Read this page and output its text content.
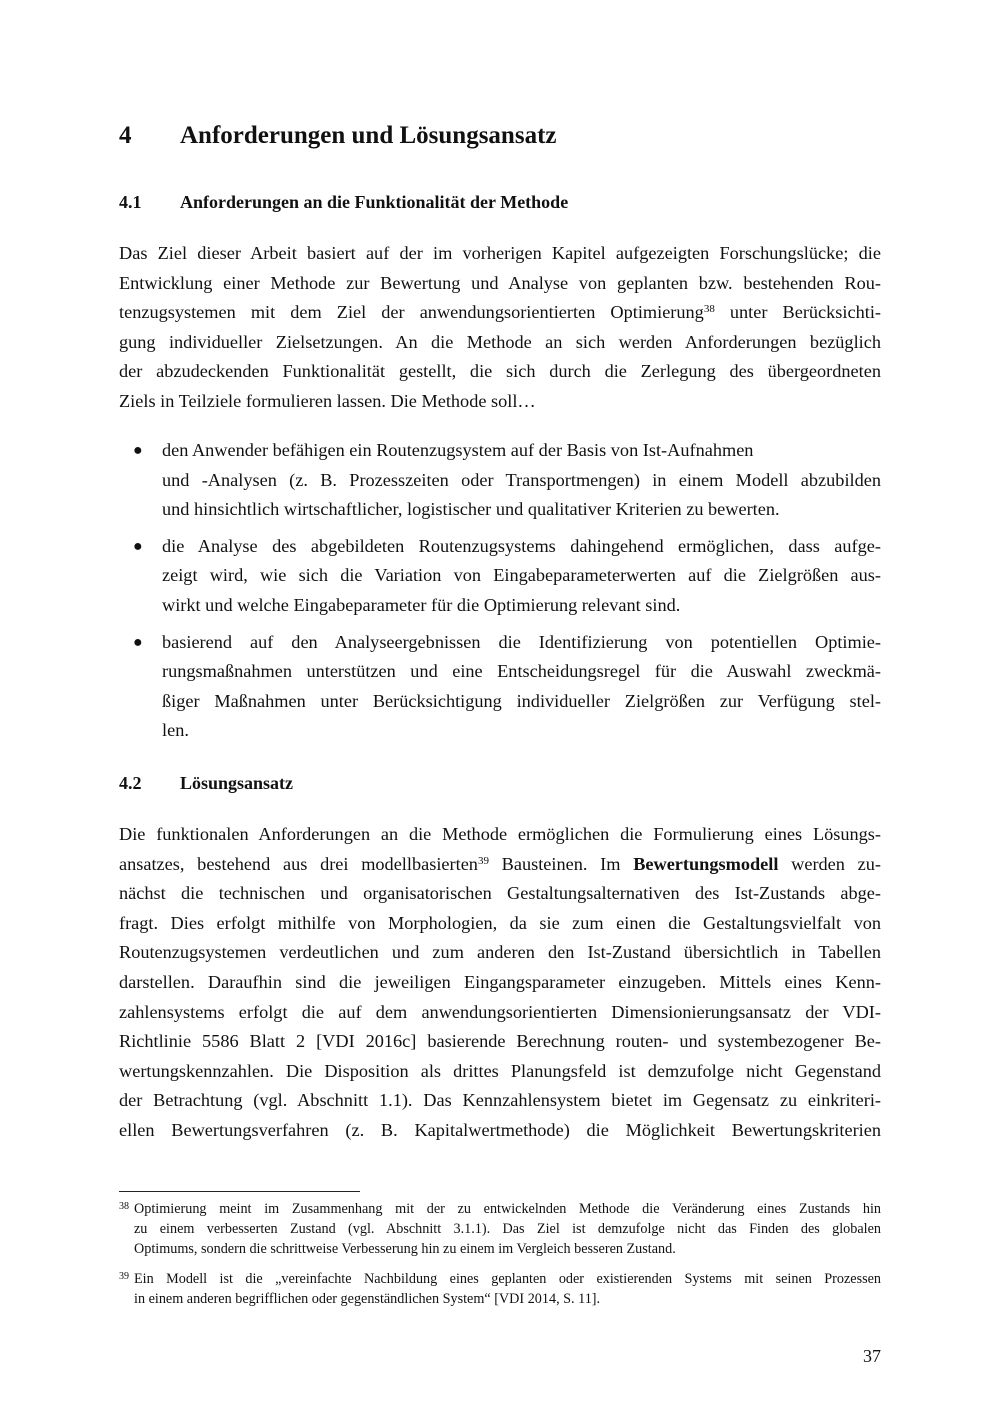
4 Anforderungen und Lösungsansatz
4.1 Anforderungen an die Funktionalität der Methode

Das Ziel dieser Arbeit basiert auf der im vorherigen Kapitel aufgezeigten Forschungslücke; die
Entwicklung einer Methode zur Bewertung und Analyse von geplanten bzw. bestehenden Rou-
tenzugsystemen mit dem Ziel der anwendungsorientierten Optimierung$^{38}$ unter Berücksichti-
gung individueller Zielsetzungen. An die Methode an sich werden Anforderungen bezüglich
der abzudeckenden Funktionalität gestellt, die sich durch die Zerlegung des übergeordneten
Ziels in Teilziele formulieren lassen. Die Methode soll…

● den Anwender befähigen ein Routenzugsystem auf der Basis von Ist-Aufnahmen
und -Analysen (z. B. Prozesszeiten oder Transportmengen) in einem Modell abzubilden
und hinsichtlich wirtschaftlicher, logistischer und qualitativer Kriterien zu bewerten.
● die Analyse des abgebildeten Routenzugsystems dahingehend ermöglichen, dass aufge-
zeigt wird, wie sich die Variation von Eingabeparameterwerten auf die Zielgrößen aus-
wirkt und welche Eingabeparameter für die Optimierung relevant sind.
● basierend auf den Analyseergebnissen die Identifizierung von potentiellen Optimie-
rungsmaßnahmen unterstützen und eine Entscheidungsregel für die Auswahl zweckmä-
ßiger Maßnahmen unter Berücksichtigung individueller Zielgrößen zur Verfügung stel-
len.
4.2 Lösungsansatz

Die funktionalen Anforderungen an die Methode ermöglichen die Formulierung eines Lösungs-
ansatzes, bestehend aus drei modellbasierten$^{39}$ Bausteinen. Im Bewertungsmodell werden zu-
nächst die technischen und organisatorischen Gestaltungsalternativen des Ist-Zustands abge-
fragt. Dies erfolgt mithilfe von Morphologien, da sie zum einen die Gestaltungsvielfalt von
Routenzugsystemen verdeutlichen und zum anderen den Ist-Zustand übersichtlich in Tabellen
darstellen. Daraufhin sind die jeweiligen Eingangsparameter einzugeben. Mittels eines Kenn-
zahlensystems erfolgt die auf dem anwendungsorientierten Dimensionierungsansatz der VDI-
Richtlinie 5586 Blatt 2 [VDI 2016c] basierende Berechnung routen- und systembezogener Be-
wertungskennzahlen. Die Disposition als drittes Planungsfeld ist demzufolge nicht Gegenstand
der Betrachtung (vgl. Abschnitt 1.1). Das Kennzahlensystem bietet im Gegensatz zu einkriteri-
ellen Bewertungsverfahren (z. B. Kapitalwertmethode) die Möglichkeit Bewertungskriterien

38 Optimierung meint im Zusammenhang mit der zu entwickelnden Methode die Veränderung eines Zustands hin
zu einem verbesserten Zustand (vgl. Abschnitt 3.1.1). Das Ziel ist demzufolge nicht das Finden des globalen
Optimums, sondern die schrittweise Verbesserung hin zu einem im Vergleich besseren Zustand.
39 Ein Modell ist die „vereinfachte Nachbildung eines geplanten oder existierenden Systems mit seinen Prozessen
in einem anderen begrifflichen oder gegenständlichen System“ [VDI 2014, S. 11].
37
